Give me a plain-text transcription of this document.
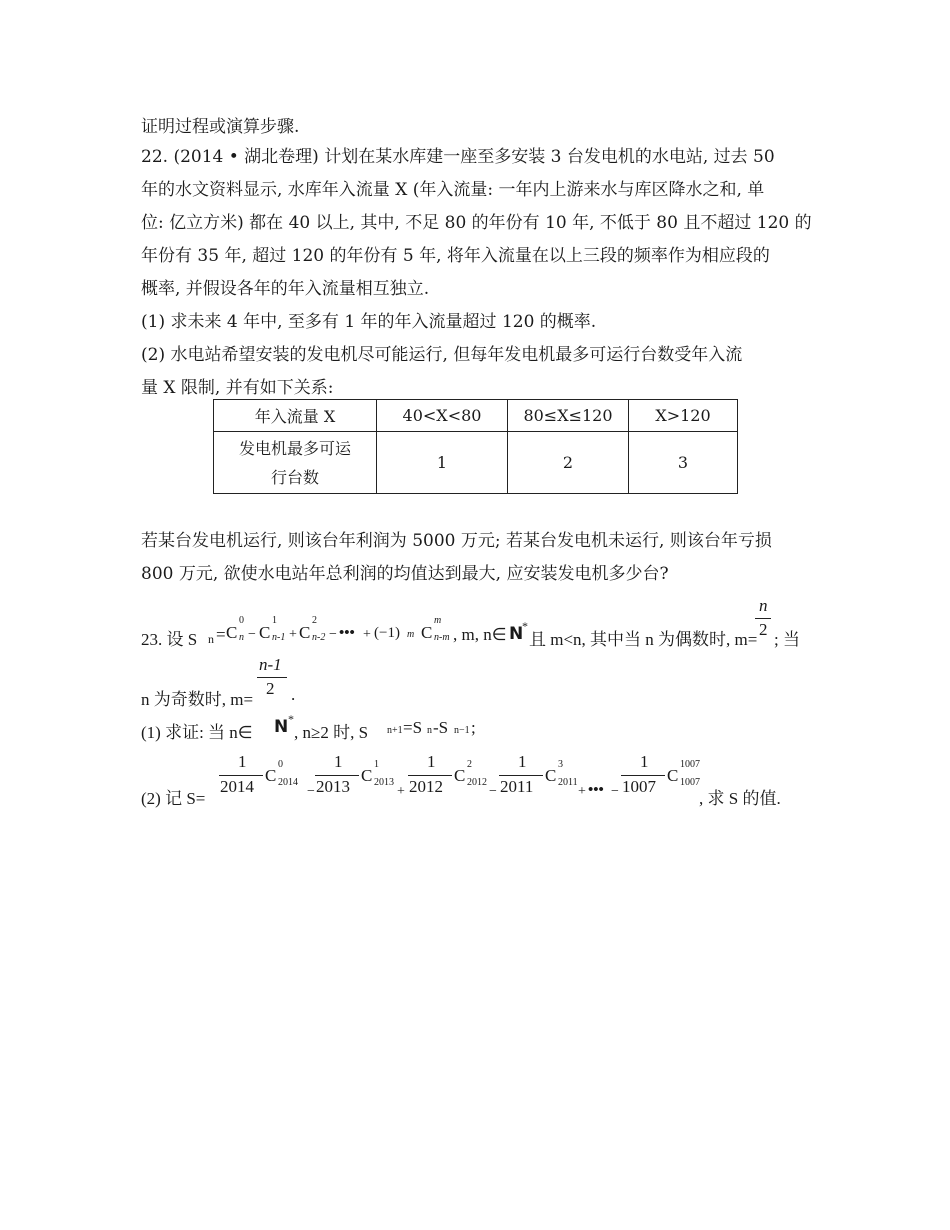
证明过程或演算步骤.
22. (2014 • 湖北卷理) 计划在某水库建一座至多安装 3 台发电机的水电站, 过去 50
年的水文资料显示, 水库年入流量 X (年入流量: 一年内上游来水与库区降水之和, 单
位: 亿立方米) 都在 40 以上, 其中, 不足 80 的年份有 10 年, 不低于 80 且不超过 120 的
年份有 35 年, 超过 120 的年份有 5 年, 将年入流量在以上三段的频率作为相应段的
概率, 并假设各年的年入流量相互独立.
(1) 求未来 4 年中, 至多有 1 年的年入流量超过 120 的概率.
(2) 水电站希望安装的发电机尽可能运行, 但每年发电机最多可运行台数受年入流
量 X 限制, 并有如下关系:
年入流量 X	40<X<80	80≤X≤120	X>120

发电机最多可运
行台数	1	2	3
若某台发电机运行, 则该台年利润为 5000 万元; 若某台发电机未运行, 则该台年亏损
800 万元, 欲使水电站年总利润的均值达到最大, 应安装发电机多少台?
23. 设 S n = C
0
n − C
1
n-1 + C
2
n-2 − ••• + (−1) m C
m
n-m , m, n∈ N
*
且 m<n, 其中当 n 为偶数时, m=
n
2
; 当
n 为奇数时, m=
n-1
2 .
(1) 求证: 当 n∈ N *
, n≥2 时, S n+1 =S n -S n−1 ;
(2) 记 S=
1
2014
C
0
2014
−
1
2013
C
1
2013
+
1
2012
C
2
2012
−
1
2011
C
3
2011
+ ••• −
1
1007
C
1007
1007
, 求 S 的值.
